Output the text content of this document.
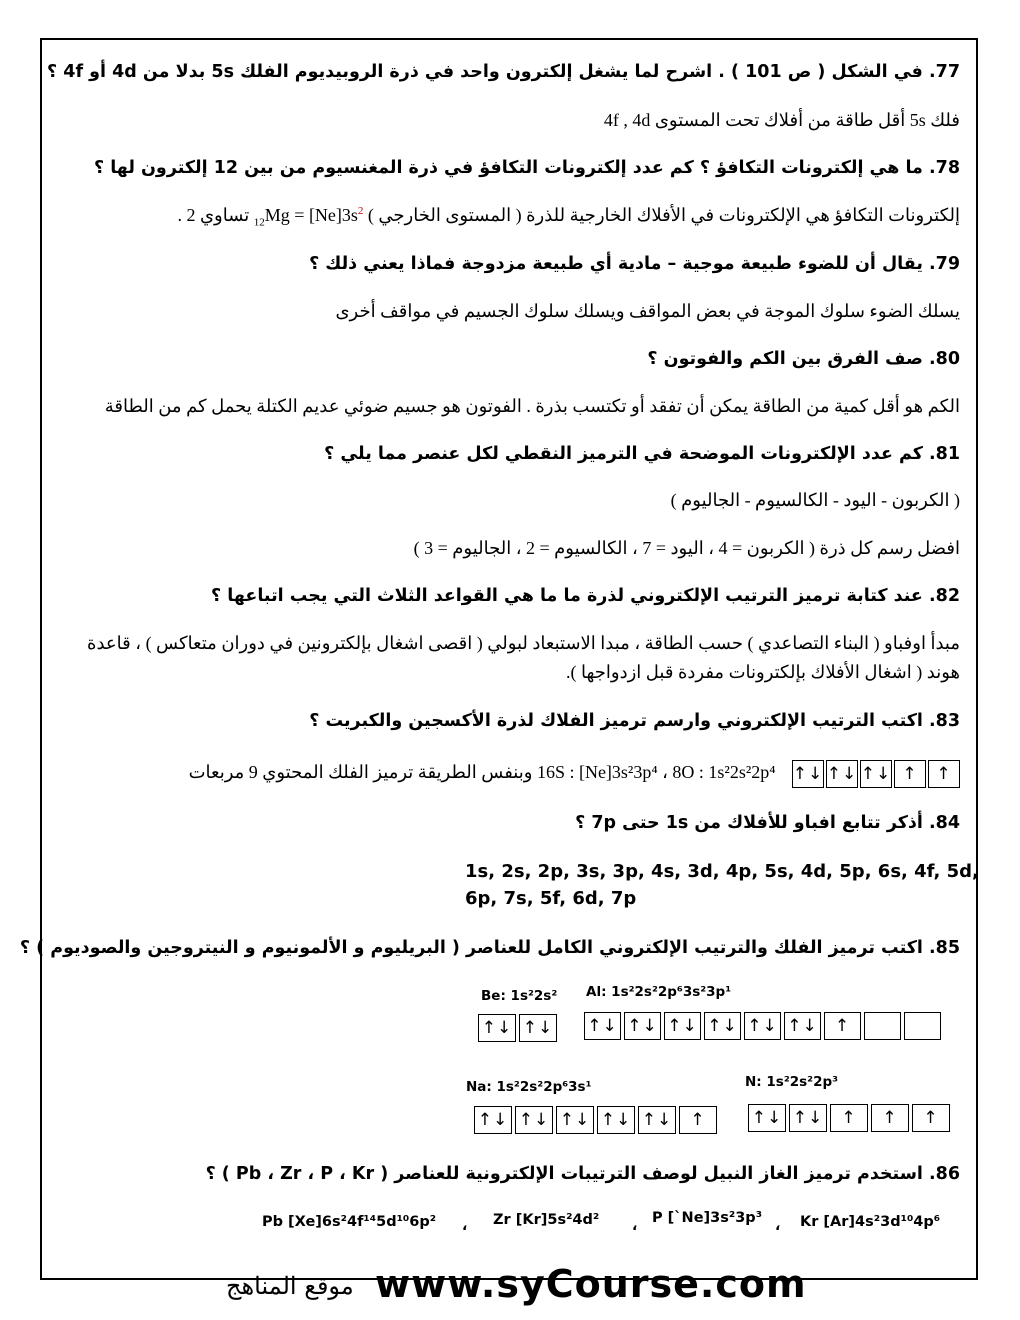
77. في الشكل ( ص 101 ) . اشرح لما يشغل إلكترون واحد في ذرة الروبيديوم الفلك 5s بدلا من 4d أو 4f ؟
فلك 5s أقل طاقة من أفلاك تحت المستوى 4f , 4d
78. ما هي إلكترونات التكافؤ ؟ كم عدد إلكترونات التكافؤ في ذرة المغنسيوم من بين 12 إلكترون لها ؟
إلكترونات التكافؤ هي الإلكترونات في الأفلاك الخارجية للذرة ( المستوى الخارجي ) $_{12}Mg = [Ne]3s^2$ تساوي 2 .
79. يقال أن للضوء طبيعة موجية – مادية أي طبيعة مزدوجة فماذا يعني ذلك ؟
يسلك الضوء سلوك الموجة في بعض المواقف ويسلك سلوك الجسيم في مواقف أخرى
80. صف الفرق بين الكم والفوتون ؟
الكم هو أقل كمية من الطاقة يمكن أن تفقد أو تكتسب بذرة . الفوتون هو جسيم ضوئي عديم الكتلة يحمل كم من الطاقة
81. كم عدد الإلكترونات الموضحة في الترميز النقطي لكل عنصر مما يلي ؟
( الكربون - اليود - الكالسيوم - الجاليوم )
افضل رسم كل ذرة ( الكربون = 4 ، اليود = 7 ، الكالسيوم = 2 ، الجاليوم = 3 )
82. عند كتابة ترميز الترتيب الإلكتروني لذرة ما ما هي القواعد الثلاث التي يجب اتباعها ؟
مبدأ اوفباو ( البناء التصاعدي ) حسب الطاقة ، مبدا الاستبعاد لبولي ( اقصى اشغال بإلكترونين في دوران متعاكس ) ، قاعدة
هوند ( اشغال الأفلاك بإلكترونات مفردة قبل ازدواجها ).
83. اكتب الترتيب الإلكتروني وارسم ترميز الفلاك لذرة الأكسجين والكبريت ؟
↑↓ ↑↓ ↑↓ ↑	↑
8O : 1s²2s²2p⁴ ، 16S : [Ne]3s²3p⁴ وبنفس الطريقة ترميز الفلك المحتوي 9 مربعات
84. أذكر تتابع افباو للأفلاك من 1s حتى 7p ؟
1s, 2s, 2p, 3s, 3p, 4s, 3d, 4p, 5s, 4d, 5p, 6s, 4f, 5d,
6p, 7s, 5f, 6d, 7p
85. اكتب ترميز الفلك والترتيب الإلكتروني الكامل للعناصر ( البريليوم و الألمونيوم و النيتروجين والصوديوم ) ؟
Be: 1s²2s² Al: 1s²2s²2p⁶3s²3p¹
↑↓ ↑↓ ↑↓ ↑↓ ↑↓ ↑↓ ↑↓ ↑↓	↑
Na: 1s²2s²2p⁶3s¹	N: 1s²2s²2p³
↑↓ ↑↓ ↑↓ ↑↓ ↑↓	↑	↑↓ ↑↓	↑	↑	↑
86. استخدم ترميز الغاز النبيل لوصف الترتيبات الإلكترونية للعناصر ( Pb ، Zr ، P ، Kr ) ؟
Pb [Xe]6s²4f¹⁴5d¹⁰6p² ، Zr [Kr]5s²4d² ، P [`Ne]3s²3p³ ، Kr [Ar]4s²3d¹⁰4p⁶
www.syCourse.com
موقع المناهج
